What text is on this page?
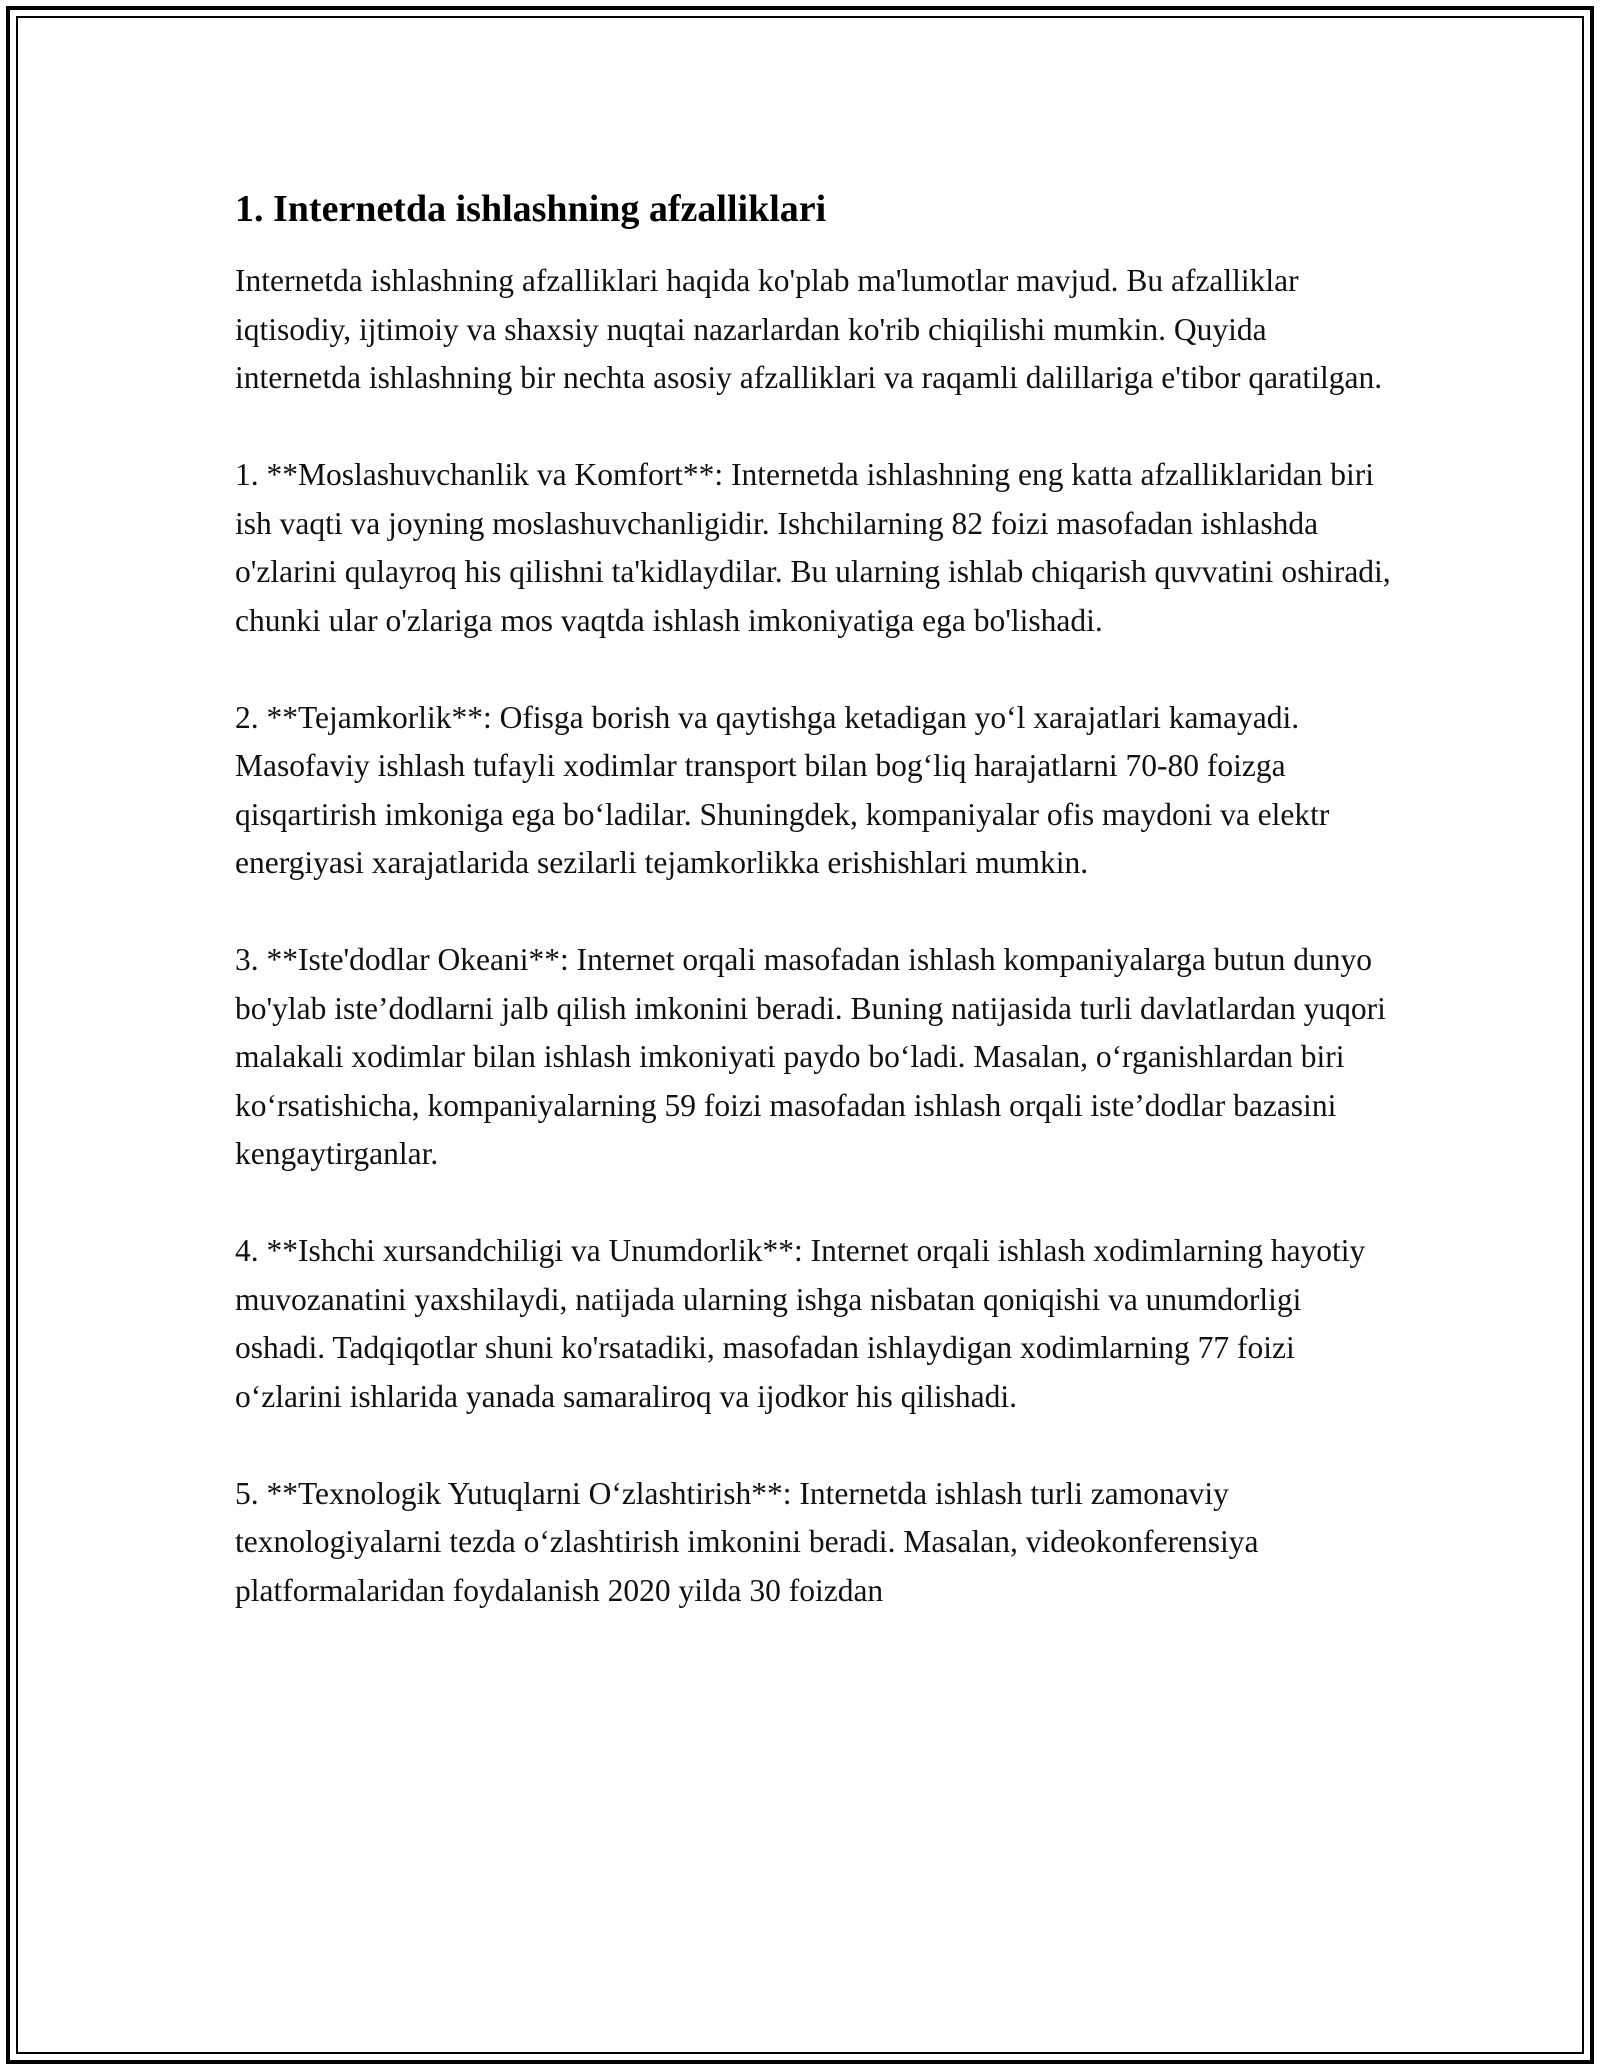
1. Internetda ishlashning afzalliklari

Internetda ishlashning afzalliklari haqida ko'plab ma'lumotlar mavjud. Bu afzalliklar iqtisodiy, ijtimoiy va shaxsiy nuqtai nazarlardan ko'rib chiqilishi mumkin. Quyida internetda ishlashning bir nechta asosiy afzalliklari va raqamli dalillariga e'tibor qaratilgan.

1. **Moslashuvchanlik va Komfort**: Internetda ishlashning eng katta afzalliklaridan biri ish vaqti va joyning moslashuvchanligidir. Ishchilarning 82 foizi masofadan ishlashda o'zlarini qulayroq his qilishni ta'kidlaydilar. Bu ularning ishlab chiqarish quvvatini oshiradi, chunki ular o'zlariga mos vaqtda ishlash imkoniyatiga ega bo'lishadi.

2. **Tejamkorlik**: Ofisga borish va qaytishga ketadigan yo‘l xarajatlari kamayadi. Masofaviy ishlash tufayli xodimlar transport bilan bog‘liq harajatlarni 70-80 foizga qisqartirish imkoniga ega bo‘ladilar. Shuningdek, kompaniyalar ofis maydoni va elektr energiyasi xarajatlarida sezilarli tejamkorlikka erishishlari mumkin.

3. **Iste'dodlar Okeani**: Internet orqali masofadan ishlash kompaniyalarga butun dunyo bo'ylab iste’dodlarni jalb qilish imkonini beradi. Buning natijasida turli davlatlardan yuqori malakali xodimlar bilan ishlash imkoniyati paydo bo‘ladi. Masalan, o‘rganishlardan biri ko‘rsatishicha, kompaniyalarning 59 foizi masofadan ishlash orqali iste’dodlar bazasini kengaytirganlar.

4. **Ishchi xursandchiligi va Unumdorlik**: Internet orqali ishlash xodimlarning hayotiy muvozanatini yaxshilaydi, natijada ularning ishga nisbatan qoniqishi va unumdorligi oshadi. Tadqiqotlar shuni ko'rsatadiki, masofadan ishlaydigan xodimlarning 77 foizi o‘zlarini ishlarida yanada samaraliroq va ijodkor his qilishadi.

5. **Texnologik Yutuqlarni O‘zlashtirish**: Internetda ishlash turli zamonaviy texnologiyalarni tezda o‘zlashtirish imkonini beradi. Masalan, videokonferensiya platformalaridan foydalanish 2020 yilda 30 foizdan
